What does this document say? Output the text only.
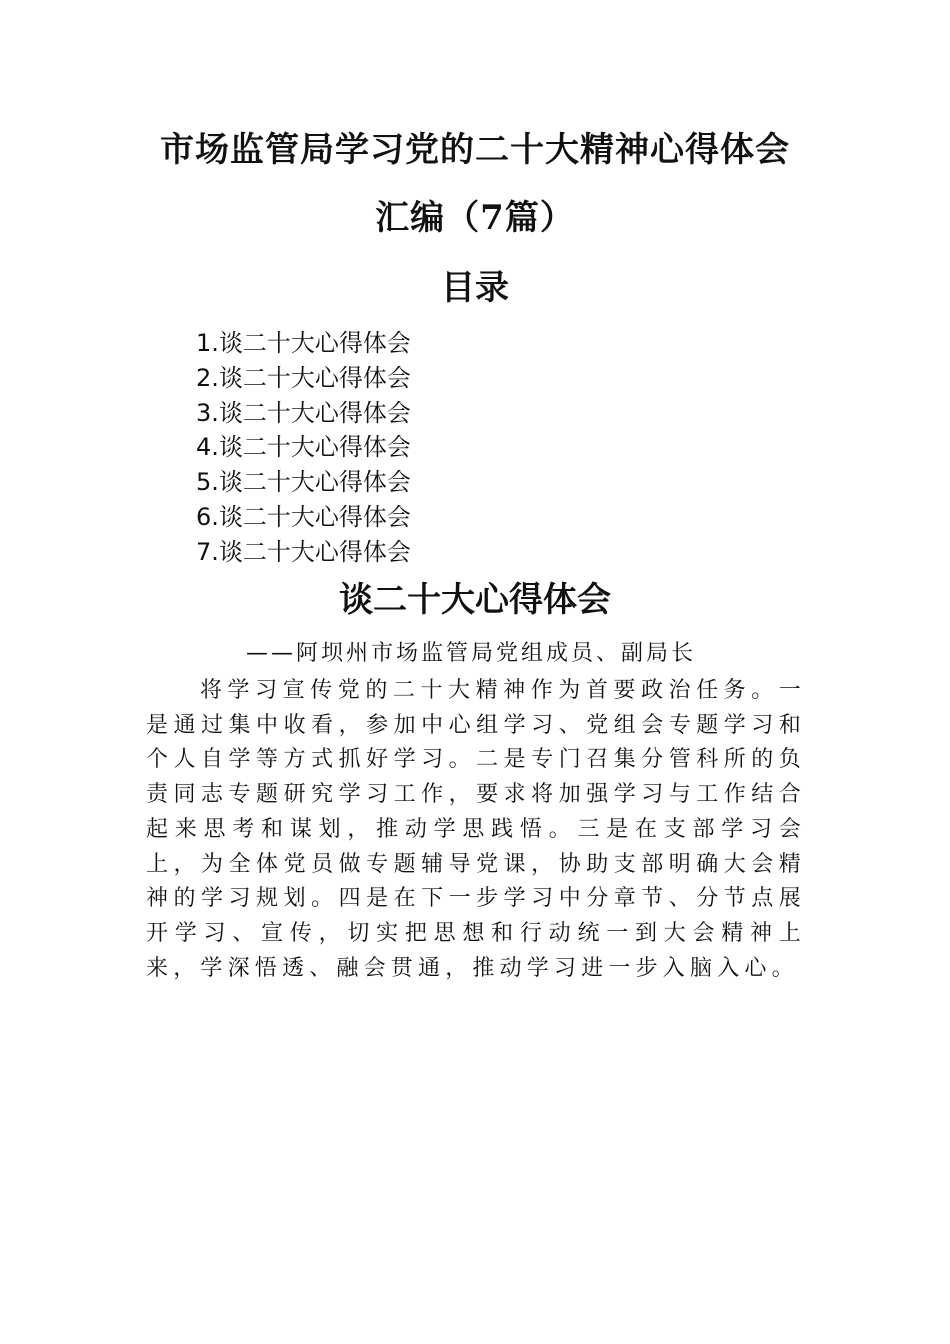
市场监管局学习党的二十大精神心得体会
汇编（7篇）
目录
1.谈二十大心得体会
2.谈二十大心得体会
3.谈二十大心得体会
4.谈二十大心得体会
5.谈二十大心得体会
6.谈二十大心得体会
7.谈二十大心得体会
谈二十大心得体会
——阿坝州市场监管局党组成员、副局长

将学习宣传党的二十大精神作为首要政治任务。一是通过集中收看，参加中心组学习、党组会专题学习和个人自学等方式抓好学习。二是专门召集分管科所的负责同志专题研究学习工作，要求将加强学习与工作结合起来思考和谋划，推动学思践悟。三是在支部学习会上，为全体党员做专题辅导党课，协助支部明确大会精神的学习规划。四是在下一步学习中分章节、分节点展开学习、宣传，切实把思想和行动统一到大会精神上来，学深悟透、融会贯通，推动学习进一步入脑入心。
